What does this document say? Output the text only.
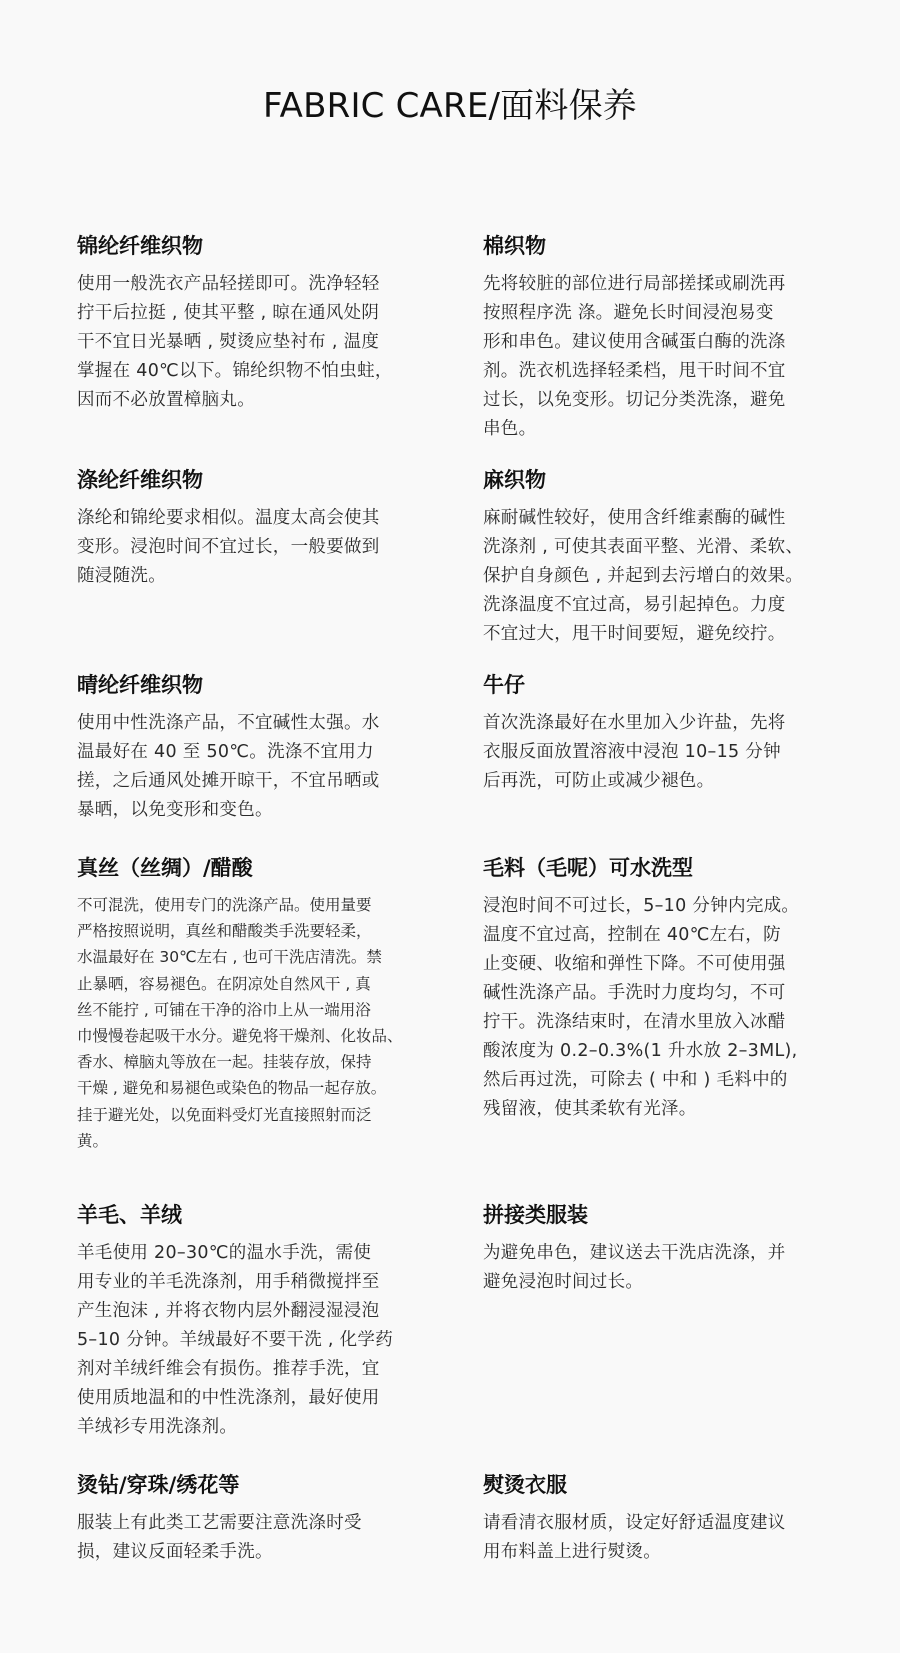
FABRIC CARE/面料保养
锦纶纤维织物

使用一般洗衣产品轻搓即可。洗净轻轻
拧干后拉挺 , 使其平整 , 晾在通风处阴
干不宜日光暴晒 , 熨烫应垫衬布 , 温度
掌握在 40℃以下。锦纶织物不怕虫蛀，
因而不必放置樟脑丸。

棉织物

先将较脏的部位进行局部搓揉或刷洗再
按照程序洗 涤。避免长时间浸泡易变
形和串色。建议使用含碱蛋白酶的洗涤
剂。洗衣机选择轻柔档，甩干时间不宜
过长，以免变形。切记分类洗涤，避免
串色。

涤纶纤维织物

涤纶和锦纶要求相似。温度太高会使其
变形。浸泡时间不宜过长，一般要做到
随浸随洗。

麻织物

麻耐碱性较好，使用含纤维素酶的碱性
洗涤剂 , 可使其表面平整、光滑、柔软、
保护自身颜色 , 并起到去污增白的效果。
洗涤温度不宜过高，易引起掉色。力度
不宜过大，甩干时间要短，避免绞拧。

晴纶纤维织物

使用中性洗涤产品，不宜碱性太强。水
温最好在 40 至 50℃。洗涤不宜用力
搓，之后通风处摊开晾干，不宜吊晒或
暴晒，以免变形和变色。

牛仔

首次洗涤最好在水里加入少许盐，先将
衣服反面放置溶液中浸泡 10–15 分钟
后再洗，可防止或减少褪色。

真丝（丝绸）/醋酸

不可混洗，使用专门的洗涤产品。使用量要
严格按照说明，真丝和醋酸类手洗要轻柔，
水温最好在 30℃左右 , 也可干洗店清洗。禁
止暴晒，容易褪色。在阴凉处自然风干 , 真
丝不能拧 , 可铺在干净的浴巾上从一端用浴
巾慢慢卷起吸干水分。避免将干燥剂、化妆品、
香水、樟脑丸等放在一起。挂装存放，保持
干燥 , 避免和易褪色或染色的物品一起存放。
挂于避光处，以免面料受灯光直接照射而泛
黄。

毛料（毛呢）可水洗型

浸泡时间不可过长，5–10 分钟内完成。
温度不宜过高，控制在 40℃左右，防
止变硬、收缩和弹性下降。不可使用强
碱性洗涤产品。手洗时力度均匀，不可
拧干。洗涤结束时，在清水里放入冰醋
酸浓度为 0.2–0.3%(1 升水放 2–3ML),
然后再过洗，可除去 ( 中和 ) 毛料中的
残留液，使其柔软有光泽。

羊毛、羊绒

羊毛使用 20–30℃的温水手洗，需使
用专业的羊毛洗涤剂，用手稍微搅拌至
产生泡沫 , 并将衣物内层外翻浸湿浸泡
5–10 分钟。羊绒最好不要干洗 , 化学药
剂对羊绒纤维会有损伤。推荐手洗，宜
使用质地温和的中性洗涤剂，最好使用
羊绒衫专用洗涤剂。

拼接类服装

为避免串色，建议送去干洗店洗涤，并
避免浸泡时间过长。

烫钻/穿珠/绣花等

服装上有此类工艺需要注意洗涤时受
损，建议反面轻柔手洗。

熨烫衣服

请看清衣服材质，设定好舒适温度建议
用布料盖上进行熨烫。
